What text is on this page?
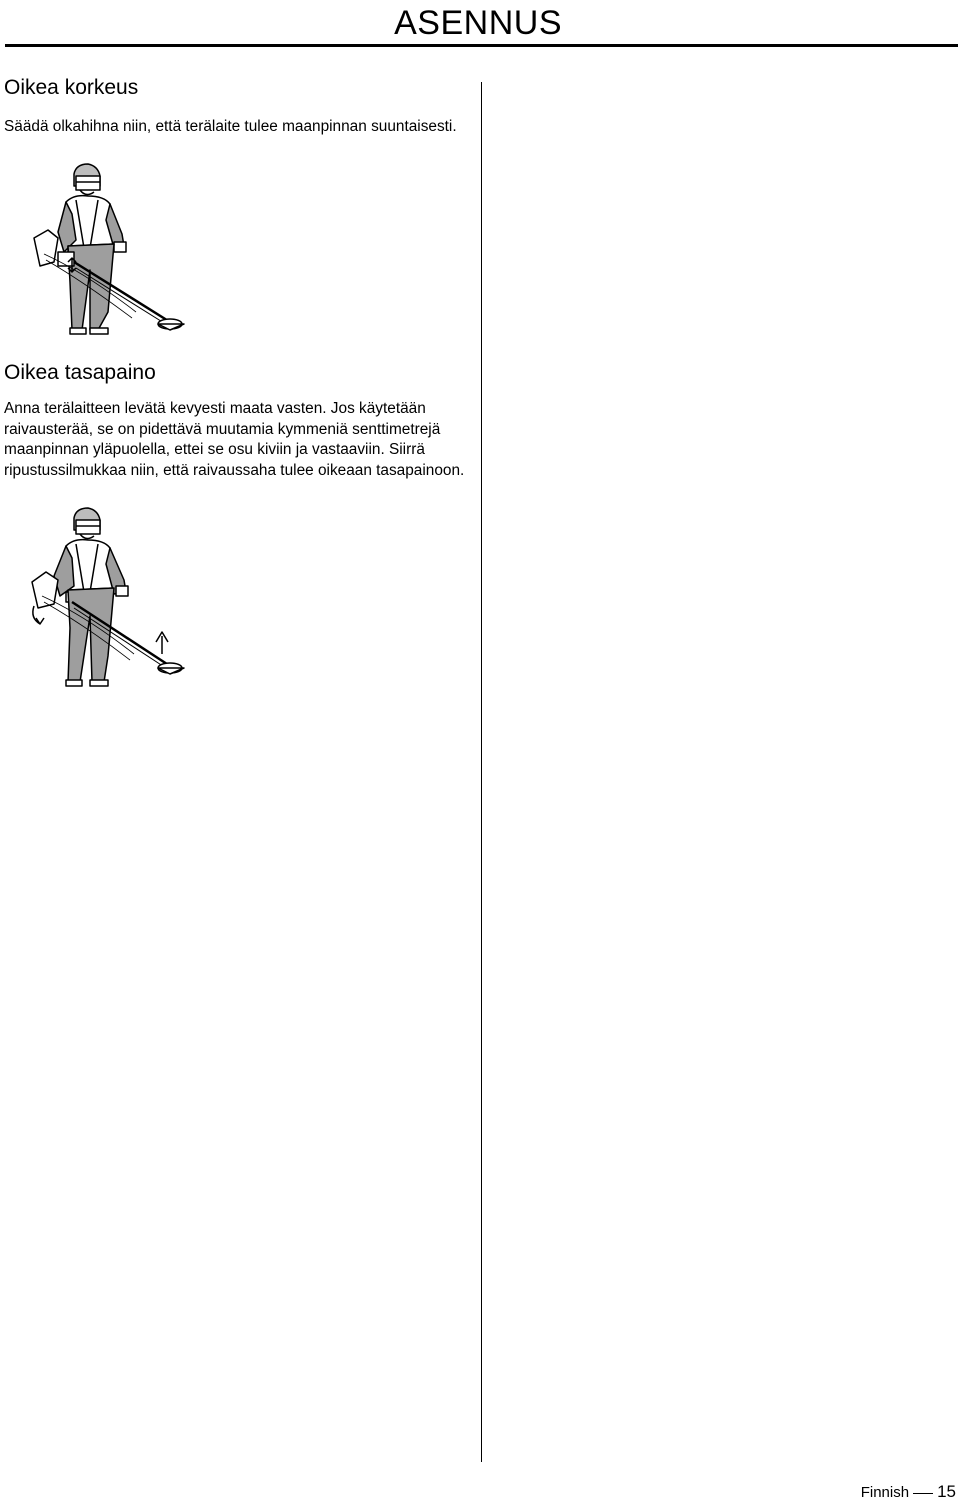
ASENNUS
Oikea korkeus

Säädä olkahihna niin, että terälaite tulee maanpinnan suuntaisesti.

Oikea tasapaino

Anna terälaitteen levätä kevyesti maata vasten. Jos käytetään raivausterää, se on pidettävä muutamia kymmeniä senttimetrejä maanpinnan yläpuolella, ettei se osu kiviin ja vastaaviin. Siirrä ripustussilmukkaa niin, että raivaussaha tulee oikeaan tasapainoon.

Finnish 15
